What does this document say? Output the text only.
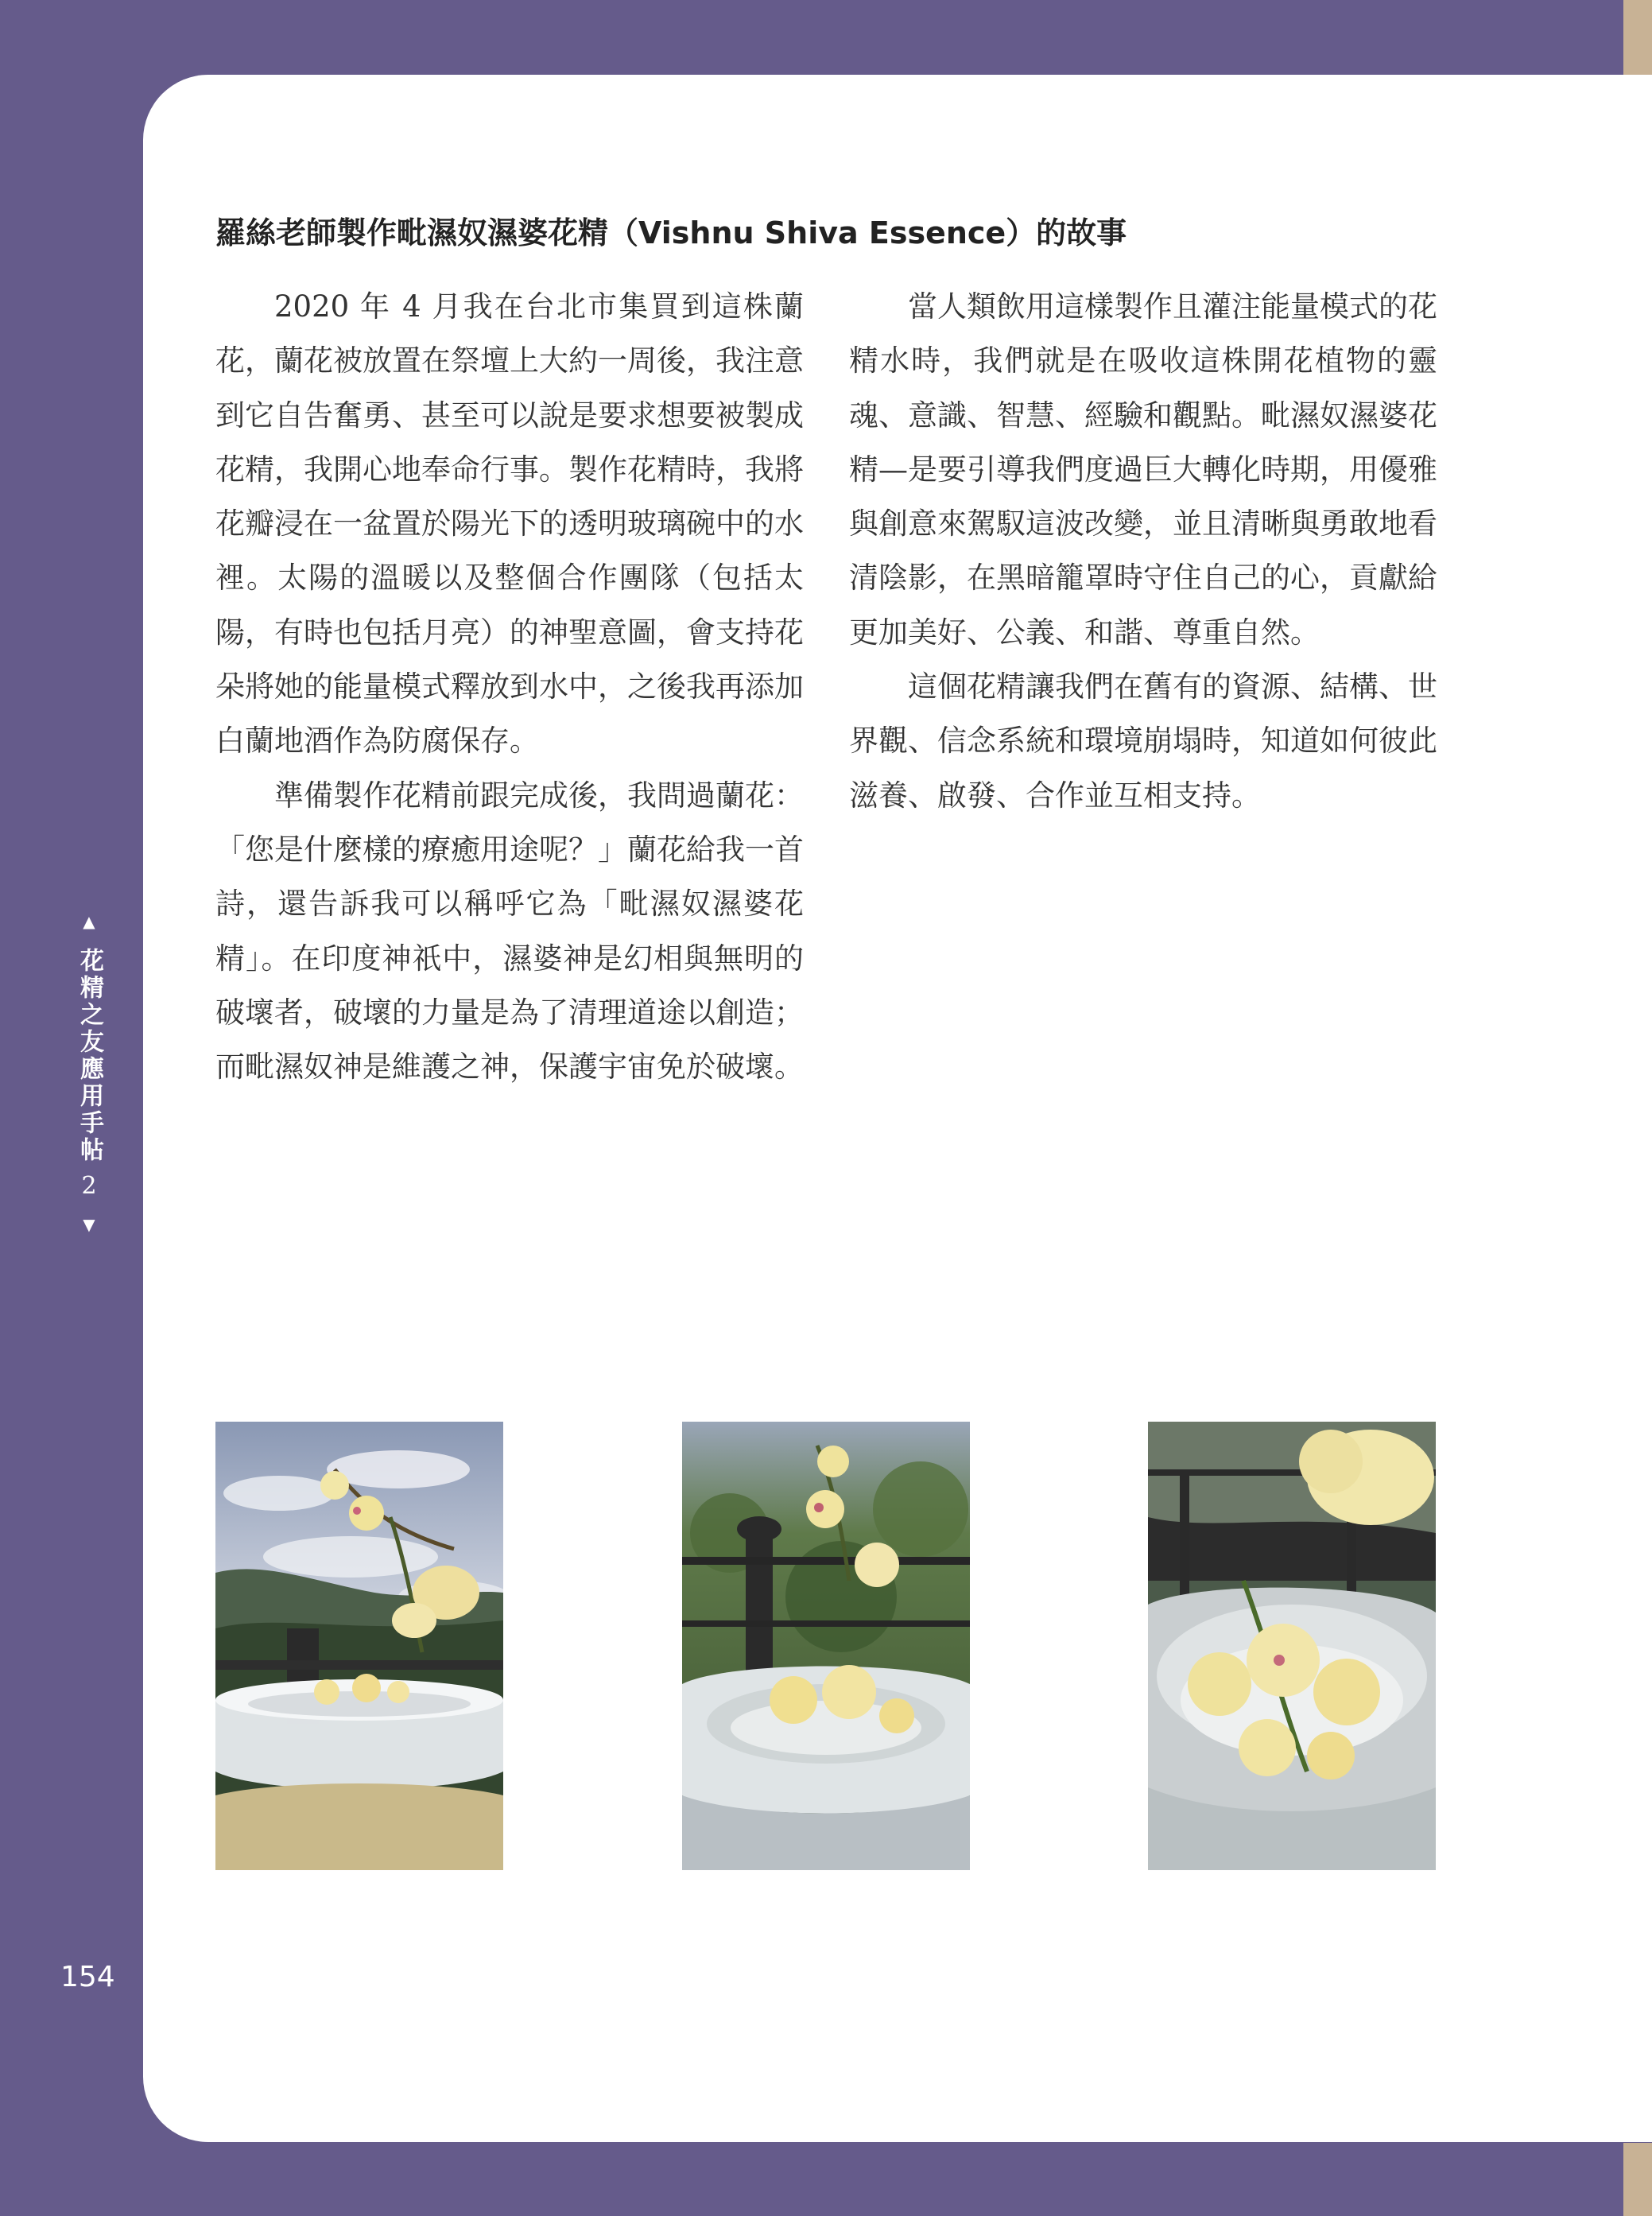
▲
花精之友應用手帖
2
▼
154
羅絲老師製作毗濕奴濕婆花精（Vishnu Shiva Essence）的故事

2020 年 4 月我在台北市集買到這株蘭花，蘭花被放置在祭壇上大約一周後，我注意到它自告奮勇、甚至可以說是要求想要被製成花精，我開心地奉命行事。製作花精時，我將花瓣浸在一盆置於陽光下的透明玻璃碗中的水裡。太陽的溫暖以及整個合作團隊（包括太陽，有時也包括月亮）的神聖意圖，會支持花朵將她的能量模式釋放到水中，之後我再添加白蘭地酒作為防腐保存。

準備製作花精前跟完成後，我問過蘭花：「您是什麼樣的療癒用途呢？」蘭花給我一首詩，還告訴我可以稱呼它為「毗濕奴濕婆花精」。在印度神祇中，濕婆神是幻相與無明的破壞者，破壞的力量是為了清理道途以創造；而毗濕奴神是維護之神，保護宇宙免於破壞。

當人類飲用這樣製作且灌注能量模式的花精水時，我們就是在吸收這株開花植物的靈魂、意識、智慧、經驗和觀點。毗濕奴濕婆花精—是要引導我們度過巨大轉化時期，用優雅與創意來駕馭這波改變，並且清晰與勇敢地看清陰影，在黑暗籠罩時守住自己的心，貢獻給更加美好、公義、和諧、尊重自然。

這個花精讓我們在舊有的資源、結構、世界觀、信念系統和環境崩塌時，知道如何彼此滋養、啟發、合作並互相支持。
